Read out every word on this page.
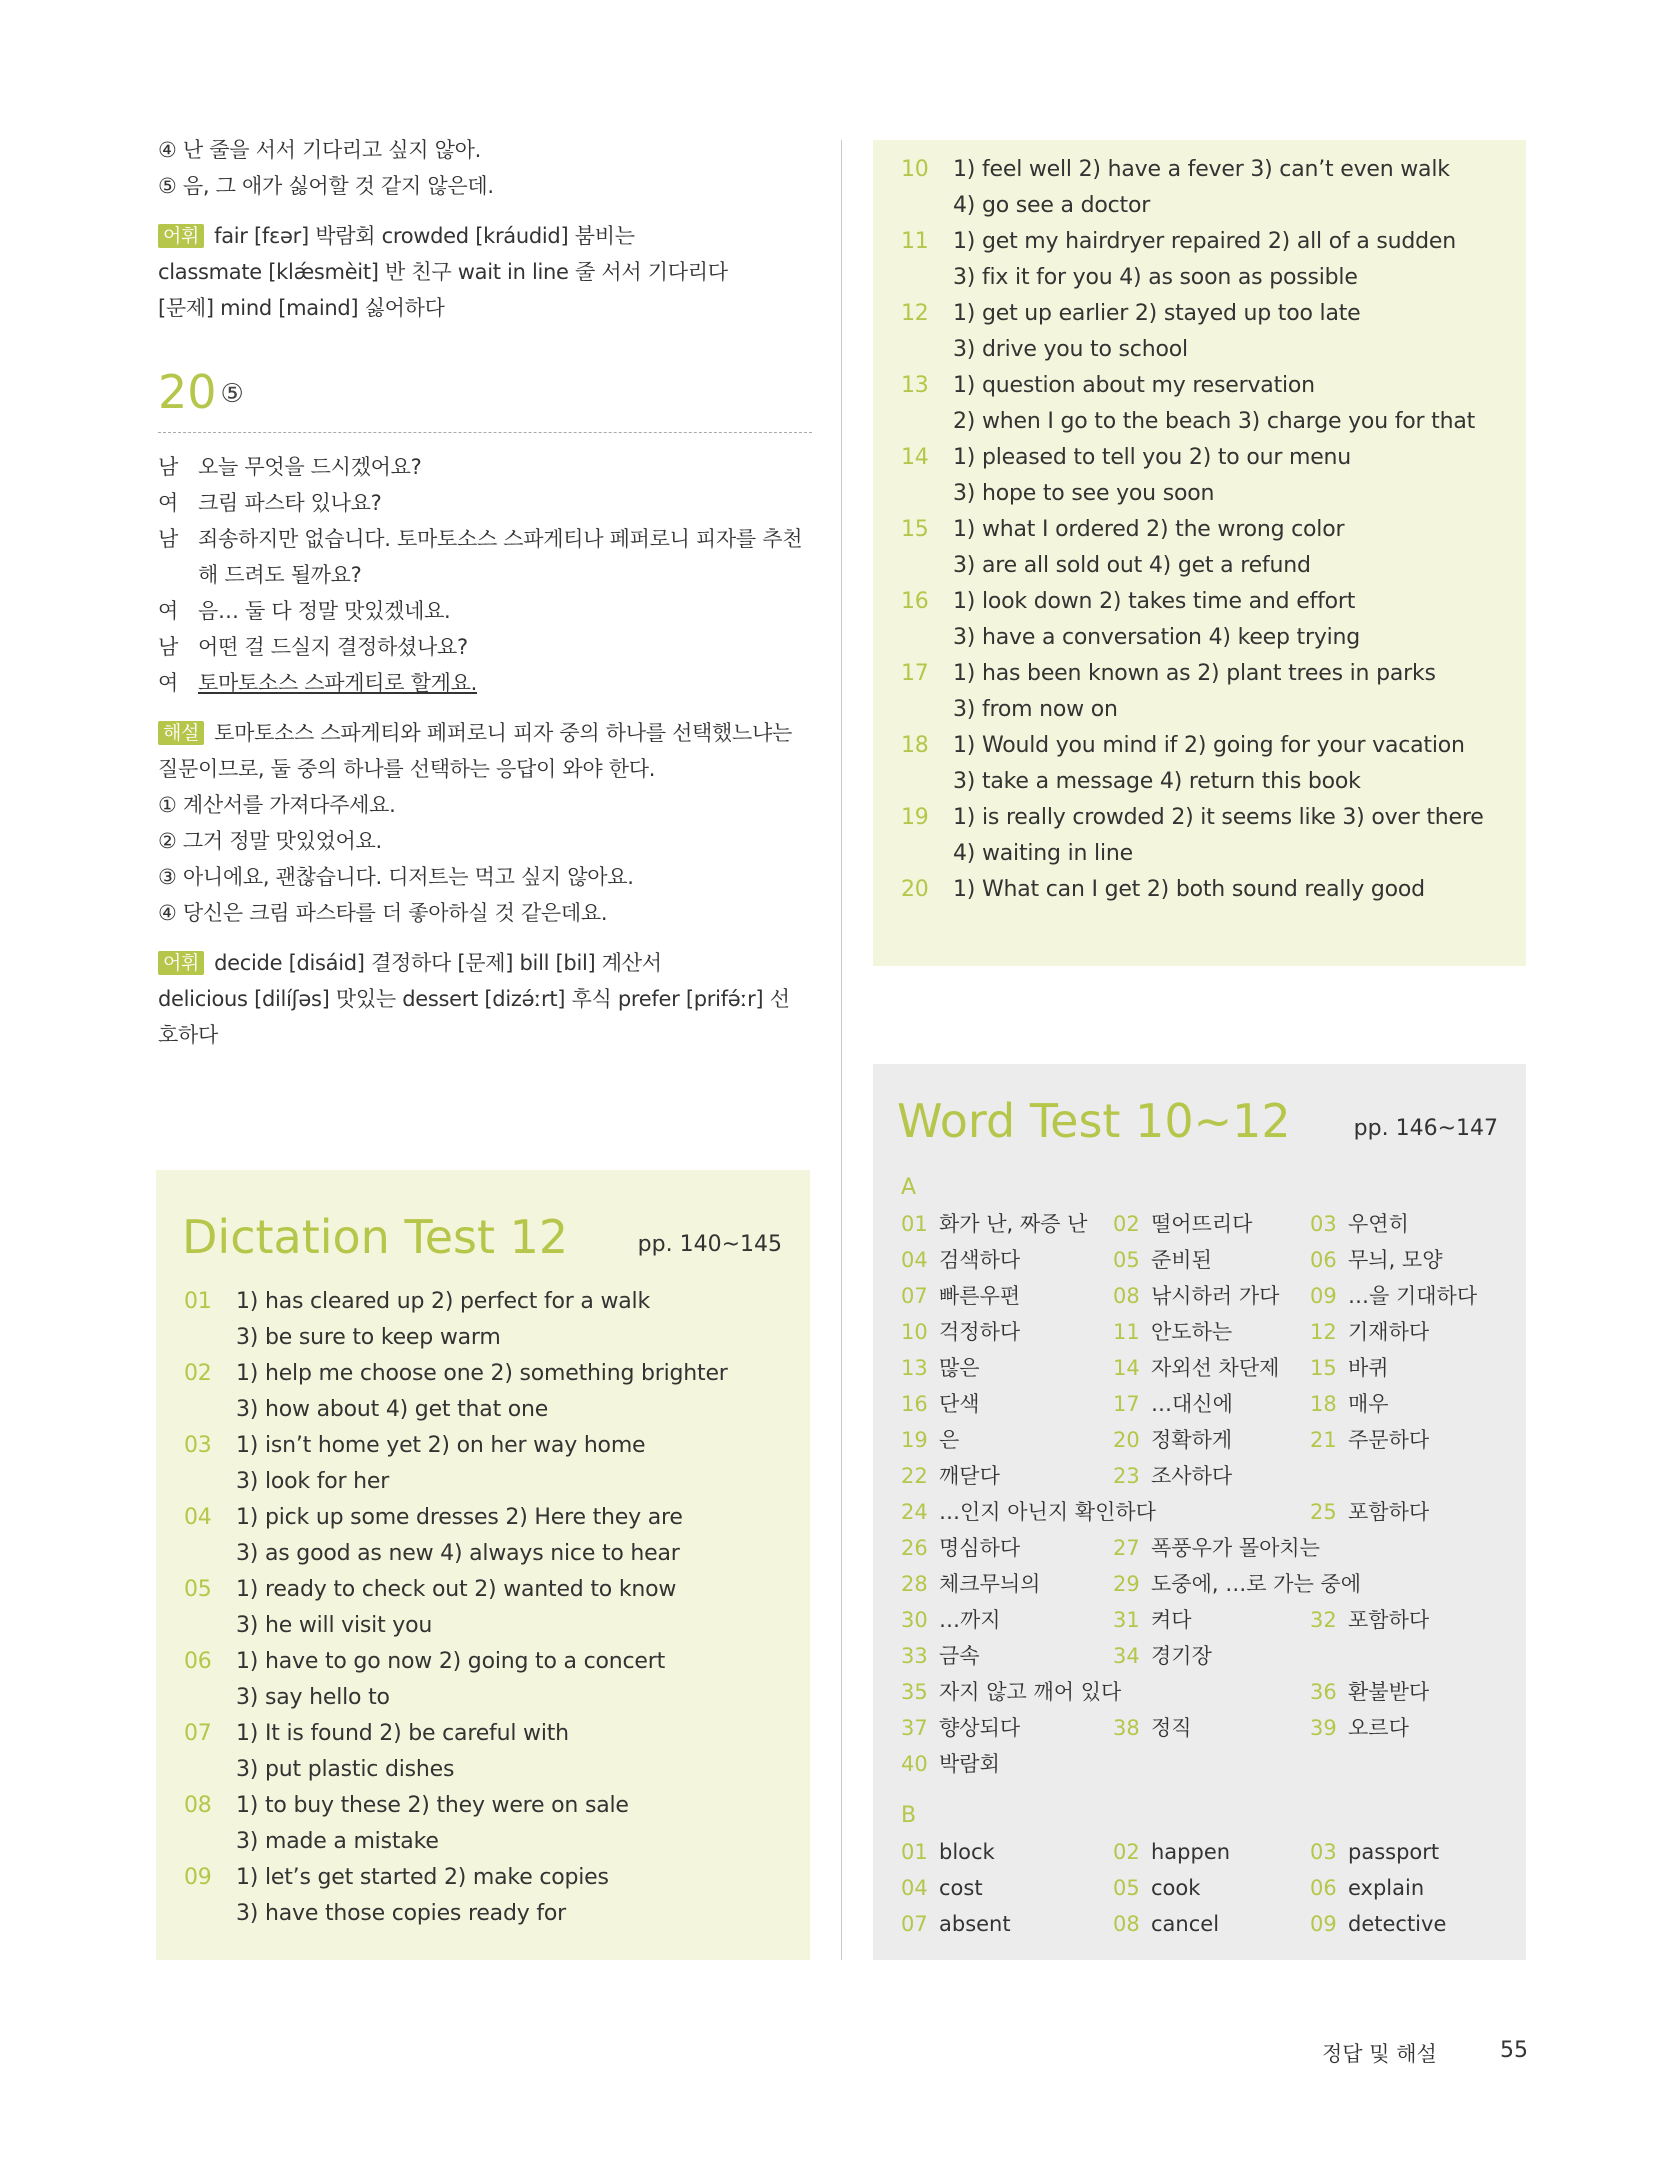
④ 난 줄을 서서 기다리고 싶지 않아.
⑤ 음, 그 애가 싫어할 것 같지 않은데.
어휘 fair [fɛər] 박람회 crowded [kráudid] 붐비는
classmate [klǽsmèit] 반 친구 wait in line 줄 서서 기다리다
[문제] mind [maind] 싫어하다
20 ⑤
남 오늘 무엇을 드시겠어요?
여 크림 파스타 있나요?
남 죄송하지만 없습니다. 토마토소스 스파게티나 페퍼로니 피자를 추천
해 드려도 될까요?
여 음… 둘 다 정말 맛있겠네요.
남 어떤 걸 드실지 결정하셨나요?
여 토마토소스 스파게티로 할게요.
해설 토마토소스 스파게티와 페퍼로니 피자 중의 하나를 선택했느냐는
질문이므로, 둘 중의 하나를 선택하는 응답이 와야 한다.
① 계산서를 가져다주세요.
② 그거 정말 맛있었어요.
③ 아니에요, 괜찮습니다. 디저트는 먹고 싶지 않아요.
④ 당신은 크림 파스타를 더 좋아하실 것 같은데요.
어휘 decide [disáid] 결정하다 [문제] bill [bil] 계산서
delicious [dilíʃəs] 맛있는 dessert [dizə́ːrt] 후식 prefer [prifə́ːr] 선
호하다
Dictation Test 12	pp. 140~145
01	1) has cleared up 2) perfect for a walk
3) be sure to keep warm
02	1) help me choose one 2) something brighter
3) how about 4) get that one
03	1) isn’t home yet 2) on her way home
3) look for her
04	1) pick up some dresses 2) Here they are
3) as good as new 4) always nice to hear
05	1) ready to check out 2) wanted to know
3) he will visit you
06	1) have to go now 2) going to a concert
3) say hello to
07	1) It is found 2) be careful with
3) put plastic dishes
08	1) to buy these 2) they were on sale
3) made a mistake
09	1) let’s get started 2) make copies
3) have those copies ready for
10	1) feel well 2) have a fever 3) can’t even walk
4) go see a doctor
11	1) get my hairdryer repaired 2) all of a sudden
3) fix it for you 4) as soon as possible
12	1) get up earlier 2) stayed up too late
3) drive you to school
13	1) question about my reservation
2) when I go to the beach 3) charge you for that
14	1) pleased to tell you 2) to our menu
3) hope to see you soon
15	1) what I ordered 2) the wrong color
3) are all sold out 4) get a refund
16	1) look down 2) takes time and effort
3) have a conversation 4) keep trying
17	1) has been known as 2) plant trees in parks
3) from now on
18	1) Would you mind if 2) going for your vacation
3) take a message 4) return this book
19	1) is really crowded 2) it seems like 3) over there
4) waiting in line
20	1) What can I get 2) both sound really good
Word Test 10~12	pp. 146~147
A
01 화가 난, 짜증 난	02 떨어뜨리다	03 우연히
04 검색하다	05 준비된	06 무늬, 모양
07 빠른우편	08 낚시하러 가다	09 …을 기대하다
10 걱정하다	11 안도하는	12 기재하다
13 많은	14 자외선 차단제	15 바퀴
16 단색	17 …대신에	18 매우
19 은	20 정확하게	21 주문하다
22 깨닫다	23 조사하다
24 …인지 아닌지 확인하다	25 포함하다
26 명심하다	27 폭풍우가 몰아치는
28 체크무늬의	29 도중에, …로 가는 중에
30 …까지	31 켜다	32 포함하다
33 금속	34 경기장
35 자지 않고 깨어 있다	36 환불받다
37 향상되다	38 정직	39 오르다
40 박람회
B
01 block	02 happen	03 passport
04 cost	05 cook	06 explain
07 absent	08 cancel	09 detective
정답 및 해설	55
